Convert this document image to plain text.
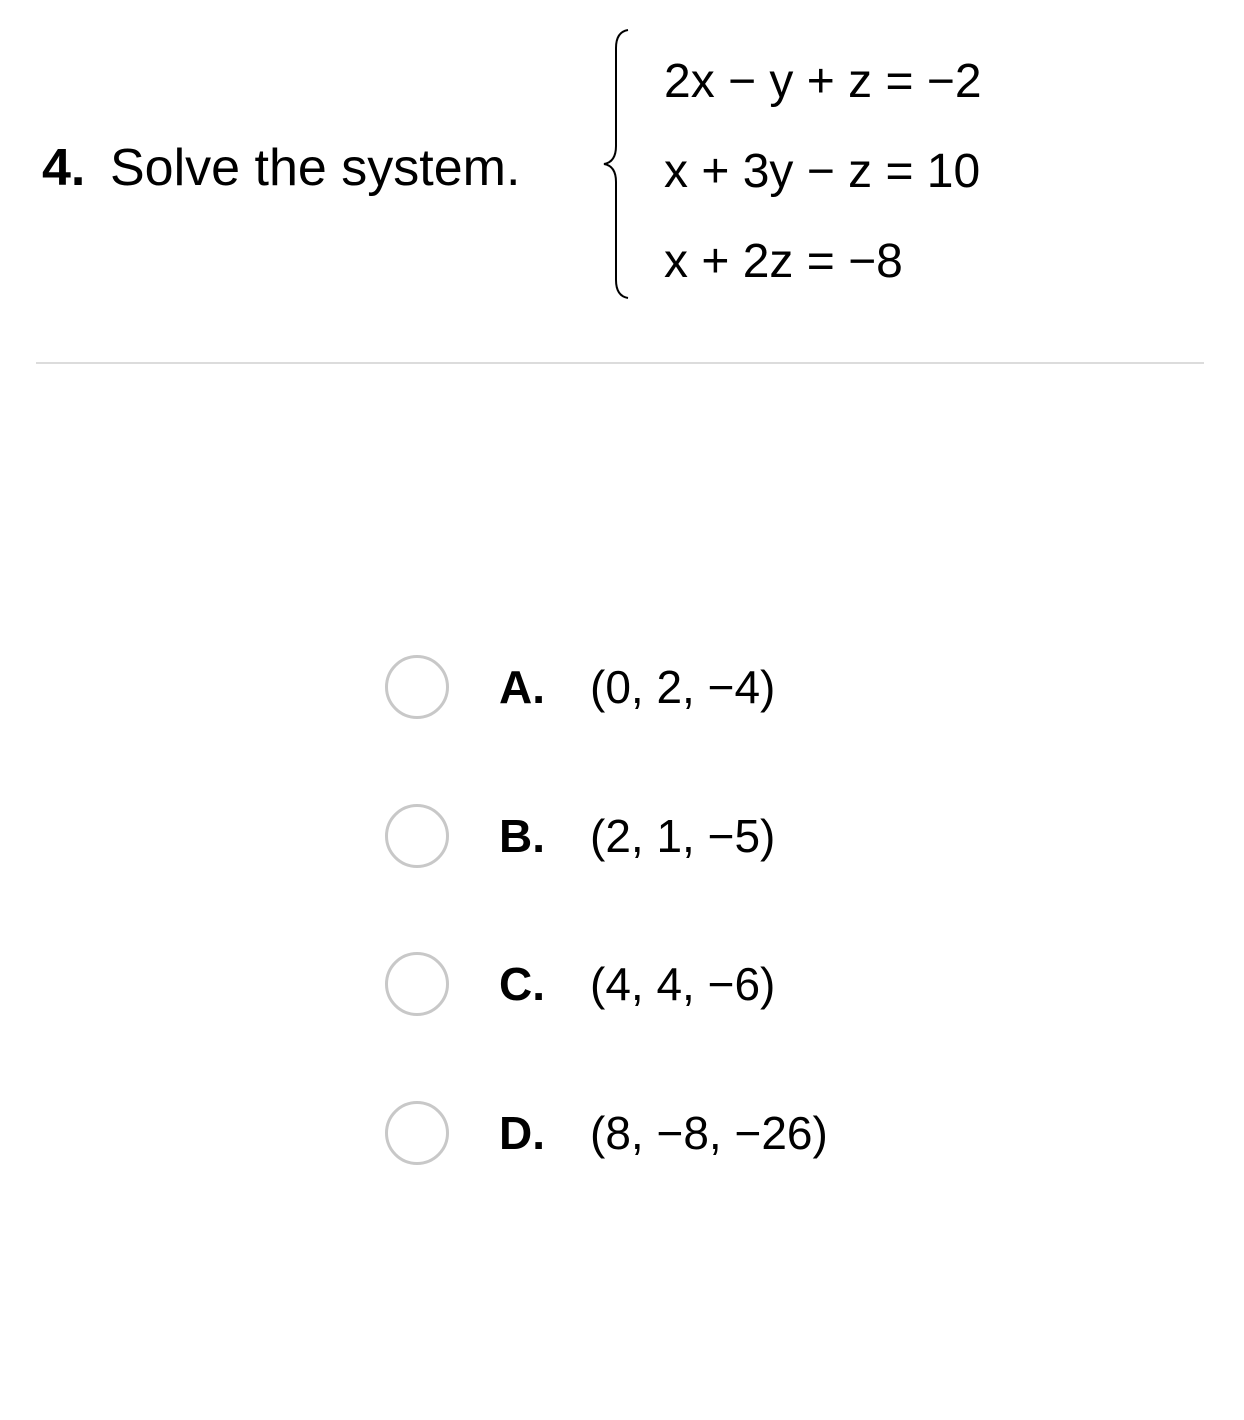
4. Solve the system.
2x − y + z = −2
x + 3y − z = 10
x + 2z = −8
A. (0, 2, −4)
B. (2, 1, −5)
C. (4, 4, −6)
D. (8, −8, −26)
